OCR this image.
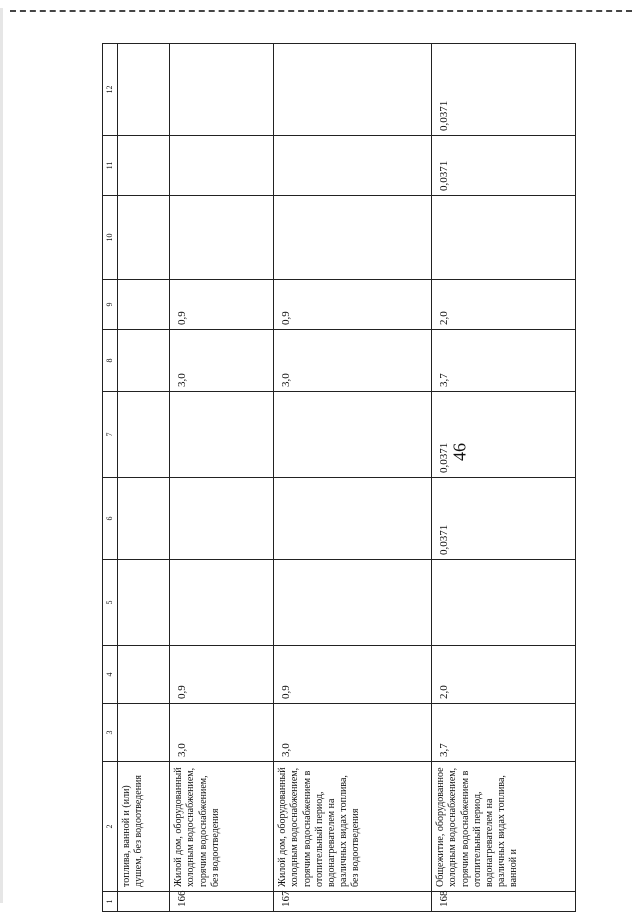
46
1	2	3	4	5	6	7	8	9	10	11	12
	топлива, ванной и (или) душем, без водоотведения										
166	Жилой дом, оборудованный холодным водоснабжением, горячим водоснабжением, без водоотведения	3,0	0,9				3,0	0,9			
167	Жилой дом, оборудованный холодным водоснабжением, горячим водоснабжением в отопительный период, водонагревателем на различных видах топлива, без водоотведения	3,0	0,9				3,0	0,9			
168	Общежитие, оборудованное холодным водоснабжением, горячим водоснабжением в отопительный период, водонагревателем на различных видах топлива, ванной и	3,7	2,0		0,0371	0,0371	3,7	2,0		0,0371	0,0371
